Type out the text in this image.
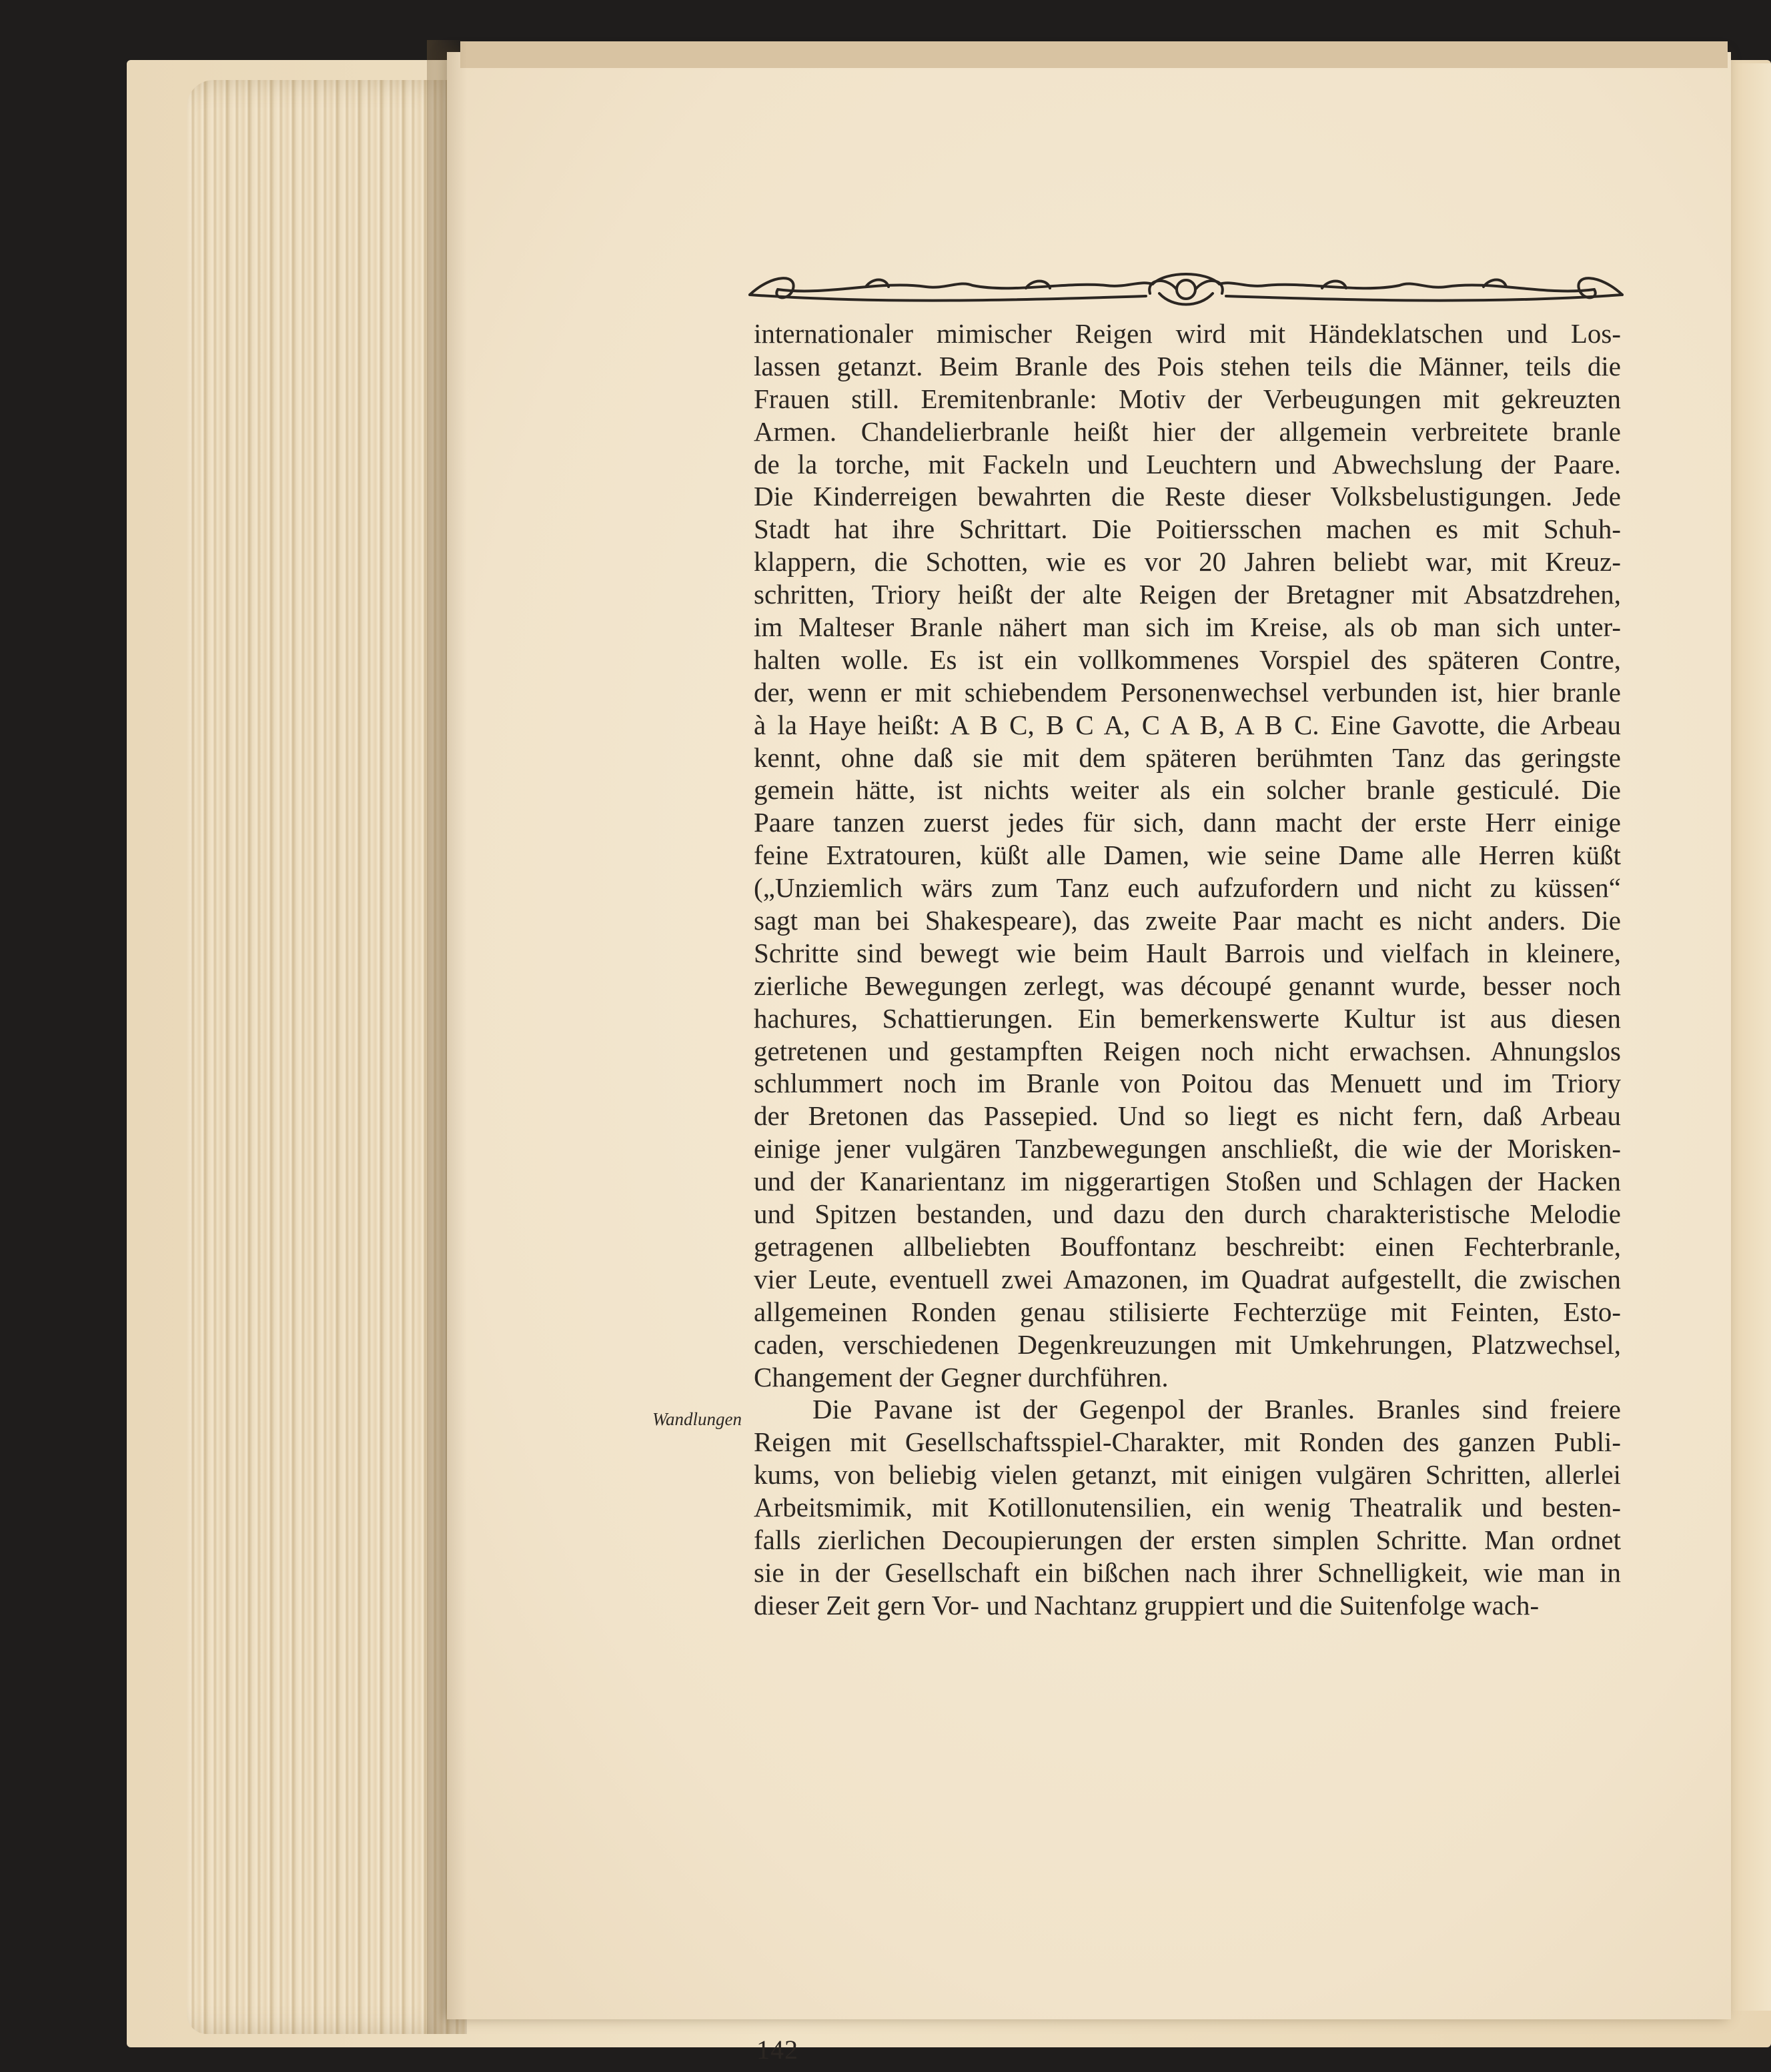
internationaler mimischer Reigen wird mit Händeklatschen und Los-
lassen getanzt. Beim Branle des Pois stehen teils die Männer, teils die
Frauen still. Eremitenbranle: Motiv der Verbeugungen mit gekreuzten
Armen. Chandelierbranle heißt hier der allgemein verbreitete branle
de la torche, mit Fackeln und Leuchtern und Abwechslung der Paare.
Die Kinderreigen bewahrten die Reste dieser Volksbelustigungen. Jede
Stadt hat ihre Schrittart. Die Poitiersschen machen es mit Schuh-
klappern, die Schotten, wie es vor 20 Jahren beliebt war, mit Kreuz-
schritten, Triory heißt der alte Reigen der Bretagner mit Absatzdrehen,
im Malteser Branle nähert man sich im Kreise, als ob man sich unter-
halten wolle. Es ist ein vollkommenes Vorspiel des späteren Contre,
der, wenn er mit schiebendem Personenwechsel verbunden ist, hier branle
à la Haye heißt: A B C, B C A, C A B, A B C. Eine Gavotte, die Arbeau
kennt, ohne daß sie mit dem späteren berühmten Tanz das geringste
gemein hätte, ist nichts weiter als ein solcher branle gesticulé. Die
Paare tanzen zuerst jedes für sich, dann macht der erste Herr einige
feine Extratouren, küßt alle Damen, wie seine Dame alle Herren küßt
(„Unziemlich wärs zum Tanz euch aufzufordern und nicht zu küssen“
sagt man bei Shakespeare), das zweite Paar macht es nicht anders. Die
Schritte sind bewegt wie beim Hault Barrois und vielfach in kleinere,
zierliche Bewegungen zerlegt, was découpé genannt wurde, besser noch
hachures, Schattierungen. Ein bemerkenswerte Kultur ist aus diesen
getretenen und gestampften Reigen noch nicht erwachsen. Ahnungslos
schlummert noch im Branle von Poitou das Menuett und im Triory
der Bretonen das Passepied. Und so liegt es nicht fern, daß Arbeau
einige jener vulgären Tanzbewegungen anschließt, die wie der Morisken-
und der Kanarientanz im niggerartigen Stoßen und Schlagen der Hacken
und Spitzen bestanden, und dazu den durch charakteristische Melodie
getragenen allbeliebten Bouffontanz beschreibt: einen Fechterbranle,
vier Leute, eventuell zwei Amazonen, im Quadrat aufgestellt, die zwischen
allgemeinen Ronden genau stilisierte Fechterzüge mit Feinten, Esto-
caden, verschiedenen Degenkreuzungen mit Umkehrungen, Platzwechsel,
Changement der Gegner durchführen.
Die Pavane ist der Gegenpol der Branles. Branles sind freiere
Reigen mit Gesellschaftsspiel-Charakter, mit Ronden des ganzen Publi-
kums, von beliebig vielen getanzt, mit einigen vulgären Schritten, allerlei
Arbeitsmimik, mit Kotillonutensilien, ein wenig Theatralik und besten-
falls zierlichen Decoupierungen der ersten simplen Schritte. Man ordnet
sie in der Gesellschaft ein bißchen nach ihrer Schnelligkeit, wie man in
dieser Zeit gern Vor- und Nachtanz gruppiert und die Suitenfolge wach-
Wandlungen
142
